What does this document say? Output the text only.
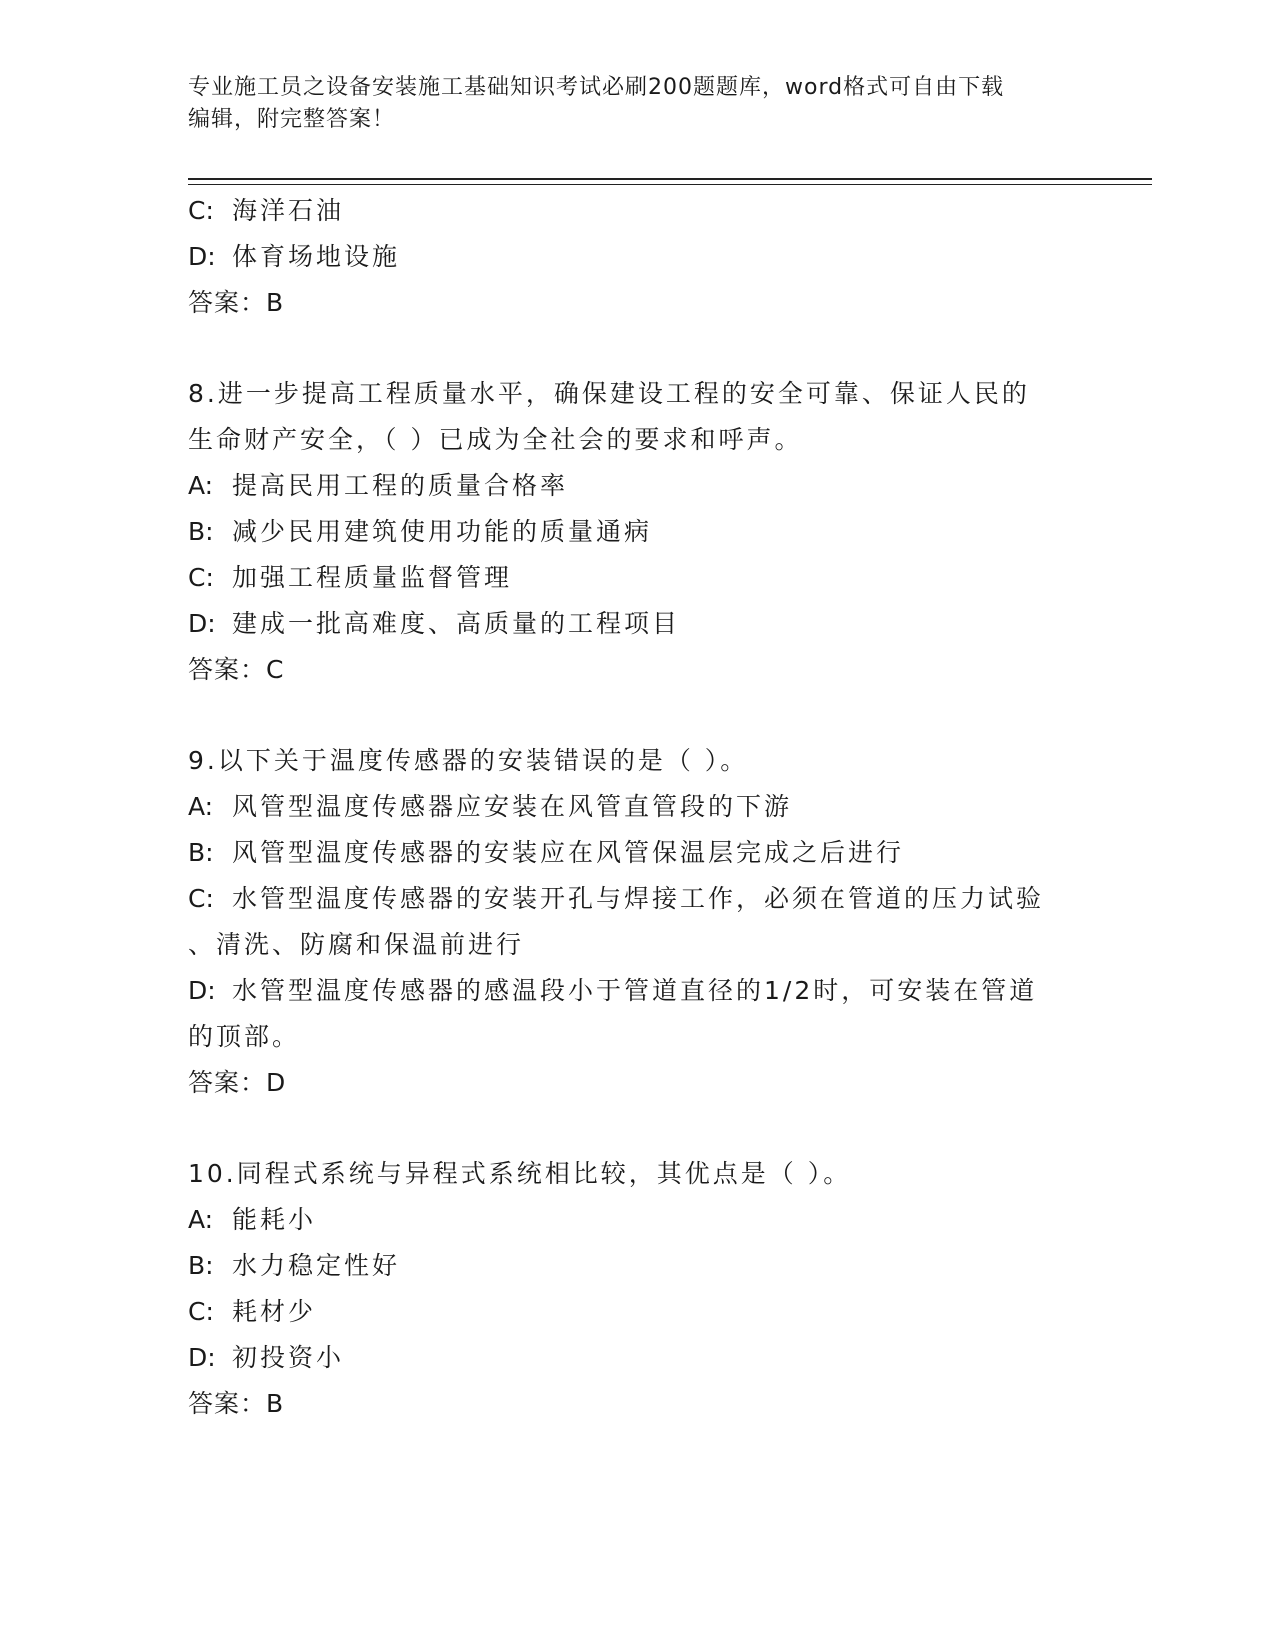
专业施工员之设备安装施工基础知识考试必刷200题题库，word格式可自由下载
编辑，附完整答案！
C: 海洋石油
D: 体育场地设施
答案：B
8.进一步提高工程质量水平，确保建设工程的安全可靠、保证人民的
生命财产安全，（ ）已成为全社会的要求和呼声。
A: 提高民用工程的质量合格率
B: 减少民用建筑使用功能的质量通病
C: 加强工程质量监督管理
D: 建成一批高难度、高质量的工程项目
答案：C
9.以下关于温度传感器的安装错误的是（ ）。
A: 风管型温度传感器应安装在风管直管段的下游
B: 风管型温度传感器的安装应在风管保温层完成之后进行
C: 水管型温度传感器的安装开孔与焊接工作，必须在管道的压力试验
、清洗、防腐和保温前进行
D: 水管型温度传感器的感温段小于管道直径的1/2时，可安装在管道
的顶部。
答案：D
10.同程式系统与异程式系统相比较，其优点是（ ）。
A: 能耗小
B: 水力稳定性好
C: 耗材少
D: 初投资小
答案：B
